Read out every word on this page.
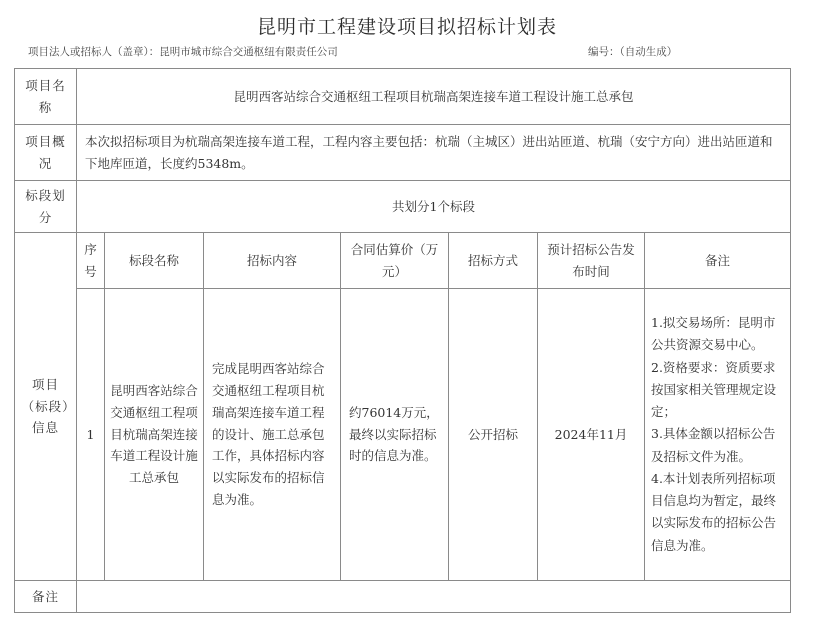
昆明市工程建设项目拟招标计划表
项目法人或招标人（盖章）：昆明市城市综合交通枢纽有限责任公司	编号：（自动生成）
项目名称	昆明西客站综合交通枢纽工程项目杭瑞高架连接车道工程设计施工总承包						
项目概况	本次拟招标项目为杭瑞高架连接车道工程，工程内容主要包括：杭瑞（主城区）进出站匝道、杭瑞（安宁方向）进出站匝道和下地库匝道，长度约5348m。						
标段划分	共划分1个标段						
项目（标段）信息	序号	标段名称	招标内容	合同估算价（万元）	招标方式	预计招标公告发布时间	备注
	1	昆明西客站综合交通枢纽工程项目杭瑞高架连接车道工程设计施工总承包	完成昆明西客站综合交通枢纽工程项目杭瑞高架连接车道工程的设计、施工总承包工作，具体招标内容以实际发布的招标信息为准。	约76014万元，最终以实际招标时的信息为准。	公开招标	2024年11月	1.拟交易场所：昆明市公共资源交易中心。
2.资格要求：资质要求按国家相关管理规定设定；
3.具体金额以招标公告及招标文件为准。
4.本计划表所列招标项目信息均为暂定，最终以实际发布的招标公告信息为准。

备注							
